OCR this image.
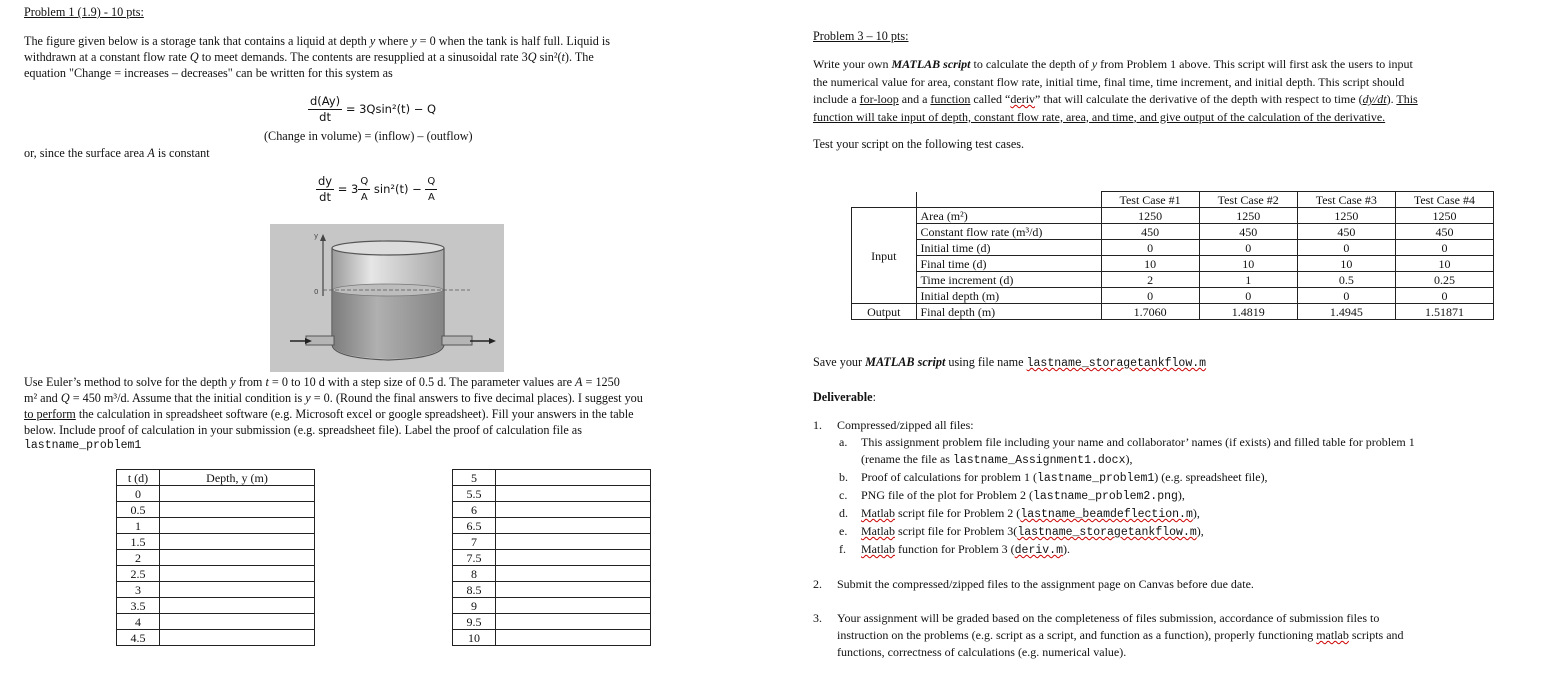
Problem 1 (1.9) - 10 pts:
The figure given below is a storage tank that contains a liquid at depth y where y = 0 when the tank is half full. Liquid is
withdrawn at a constant flow rate Q to meet demands. The contents are resupplied at a sinusoidal rate 3Q sin²(t). The
equation "Change = increases – decreases" can be written for this system as
$\frac{d(Ay)}{dt} = 3Qsin^2(t) - Q$
(Change in volume) = (inflow) – (outflow)
or, since the surface area A is constant
$\frac{dy}{dt} = 3 \frac{Q}{A} \sin^2(t) - \frac{Q}{A}$
y
0
Use Euler’s method to solve for the depth y from t = 0 to 10 d with a step size of 0.5 d. The parameter values are A = 1250
m² and Q = 450 m³/d. Assume that the initial condition is y = 0. (Round the final answers to five decimal places). I suggest you
to perform the calculation in spreadsheet software (e.g. Microsoft excel or google spreadsheet). Fill your answers in the table
below. Include proof of calculation in your submission (e.g. spreadsheet file). Label the proof of calculation file as
lastname_problem1
t (d)	Depth, y (m)
0	
0.5	
1	
1.5	
2	
2.5	
3	
3.5	
4	
4.5	
5	
5.5	
6	
6.5	
7	
7.5	
8	
8.5	
9	
9.5	
10	
Problem 3 – 10 pts:
Write your own MATLAB script to calculate the depth of y from Problem 1 above. This script will first ask the users to input
the numerical value for area, constant flow rate, initial time, final time, time increment, and initial depth. This script should
include a for-loop and a function called “deriv” that will calculate the derivative of the depth with respect to time (dy/dt). This
function will take input of depth, constant flow rate, area, and time, and give output of the calculation of the derivative.
Test your script on the following test cases.
		Test Case #1	Test Case #2	Test Case #3	Test Case #4
Input	Area (m²)	1250	1250	1250	1250
	Constant flow rate (m³/d)	450	450	450	450
	Initial time (d)	0	0	0	0
	Final time (d)	10	10	10	10
	Time increment (d)	2	1	0.5	0.25
	Initial depth (m)	0	0	0	0
Output	Final depth (m)	1.7060	1.4819	1.4945	1.51871
Save your MATLAB script using file name lastname_storagetankflow.m
Deliverable:
1. Compressed/zipped all files:
a. This assignment problem file including your name and collaborator’ names (if exists) and filled table for problem 1
(rename the file as lastname_Assignment1.docx),
b. Proof of calculations for problem 1 (lastname_problem1) (e.g. spreadsheet file),
c. PNG file of the plot for Problem 2 (lastname_problem2.png),
d. Matlab script file for Problem 2 (lastname_beamdeflection.m),
e. Matlab script file for Problem 3(lastname_storagetankflow.m),
f. Matlab function for Problem 3 (deriv.m).
2. Submit the compressed/zipped files to the assignment page on Canvas before due date.
3. Your assignment will be graded based on the completeness of files submission, accordance of submission files to
instruction on the problems (e.g. script as a script, and function as a function), properly functioning matlab scripts and
functions, correctness of calculations (e.g. numerical value).
